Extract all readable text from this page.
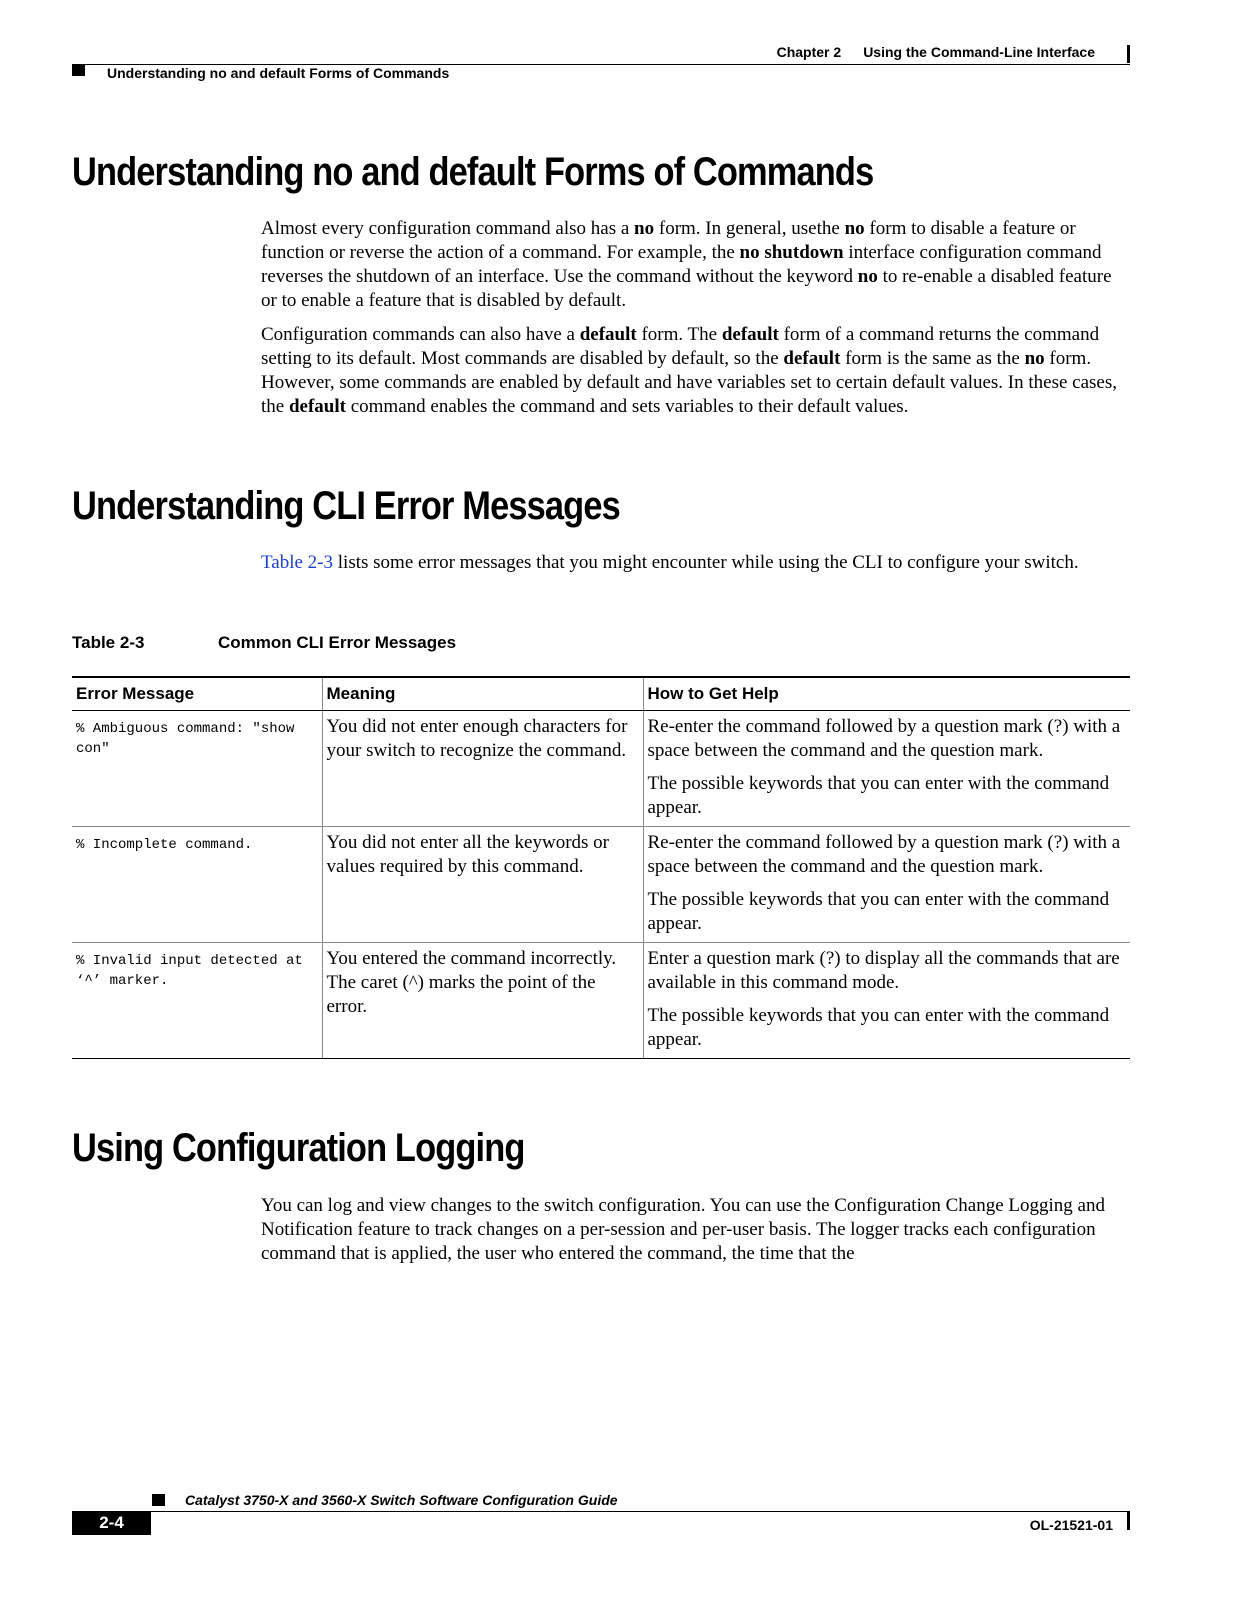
Chapter 2 Using the Command-Line Interface
Understanding no and default Forms of Commands
Understanding no and default Forms of Commands

Almost every configuration command also has a no form. In general, usethe no form to disable a feature or function or reverse the action of a command. For example, the no shutdown interface configuration command reverses the shutdown of an interface. Use the command without the keyword no to re-enable a disabled feature or to enable a feature that is disabled by default.

Configuration commands can also have a default form. The default form of a command returns the command setting to its default. Most commands are disabled by default, so the default form is the same as the no form. However, some commands are enabled by default and have variables set to certain default values. In these cases, the default command enables the command and sets variables to their default values.

Understanding CLI Error Messages

Table 2-3 lists some error messages that you might encounter while using the CLI to configure your switch.

Table 2-3	Common CLI Error Messages
Error Message	Meaning	How to Get Help
% Ambiguous command: "show con"	You did not enter enough characters for your switch to recognize the command.	Re-enter the command followed by a question mark (?) with a space between the command and the question mark.

The possible keywords that you can enter with the command appear.

% Incomplete command.	You did not enter all the keywords or values required by this command.	Re-enter the command followed by a question mark (?) with a space between the command and the question mark.

The possible keywords that you can enter with the command appear.

% Invalid input detected at ‘^’ marker.	You entered the command incorrectly. The caret (^) marks the point of the error.	Enter a question mark (?) to display all the commands that are available in this command mode.

The possible keywords that you can enter with the command appear.

Using Configuration Logging

You can log and view changes to the switch configuration. You can use the Configuration Change Logging and Notification feature to track changes on a per-session and per-user basis. The logger tracks each configuration command that is applied, the user who entered the command, the time that the

Catalyst 3750-X and 3560-X Switch Software Configuration Guide
2-4	OL-21521-01
